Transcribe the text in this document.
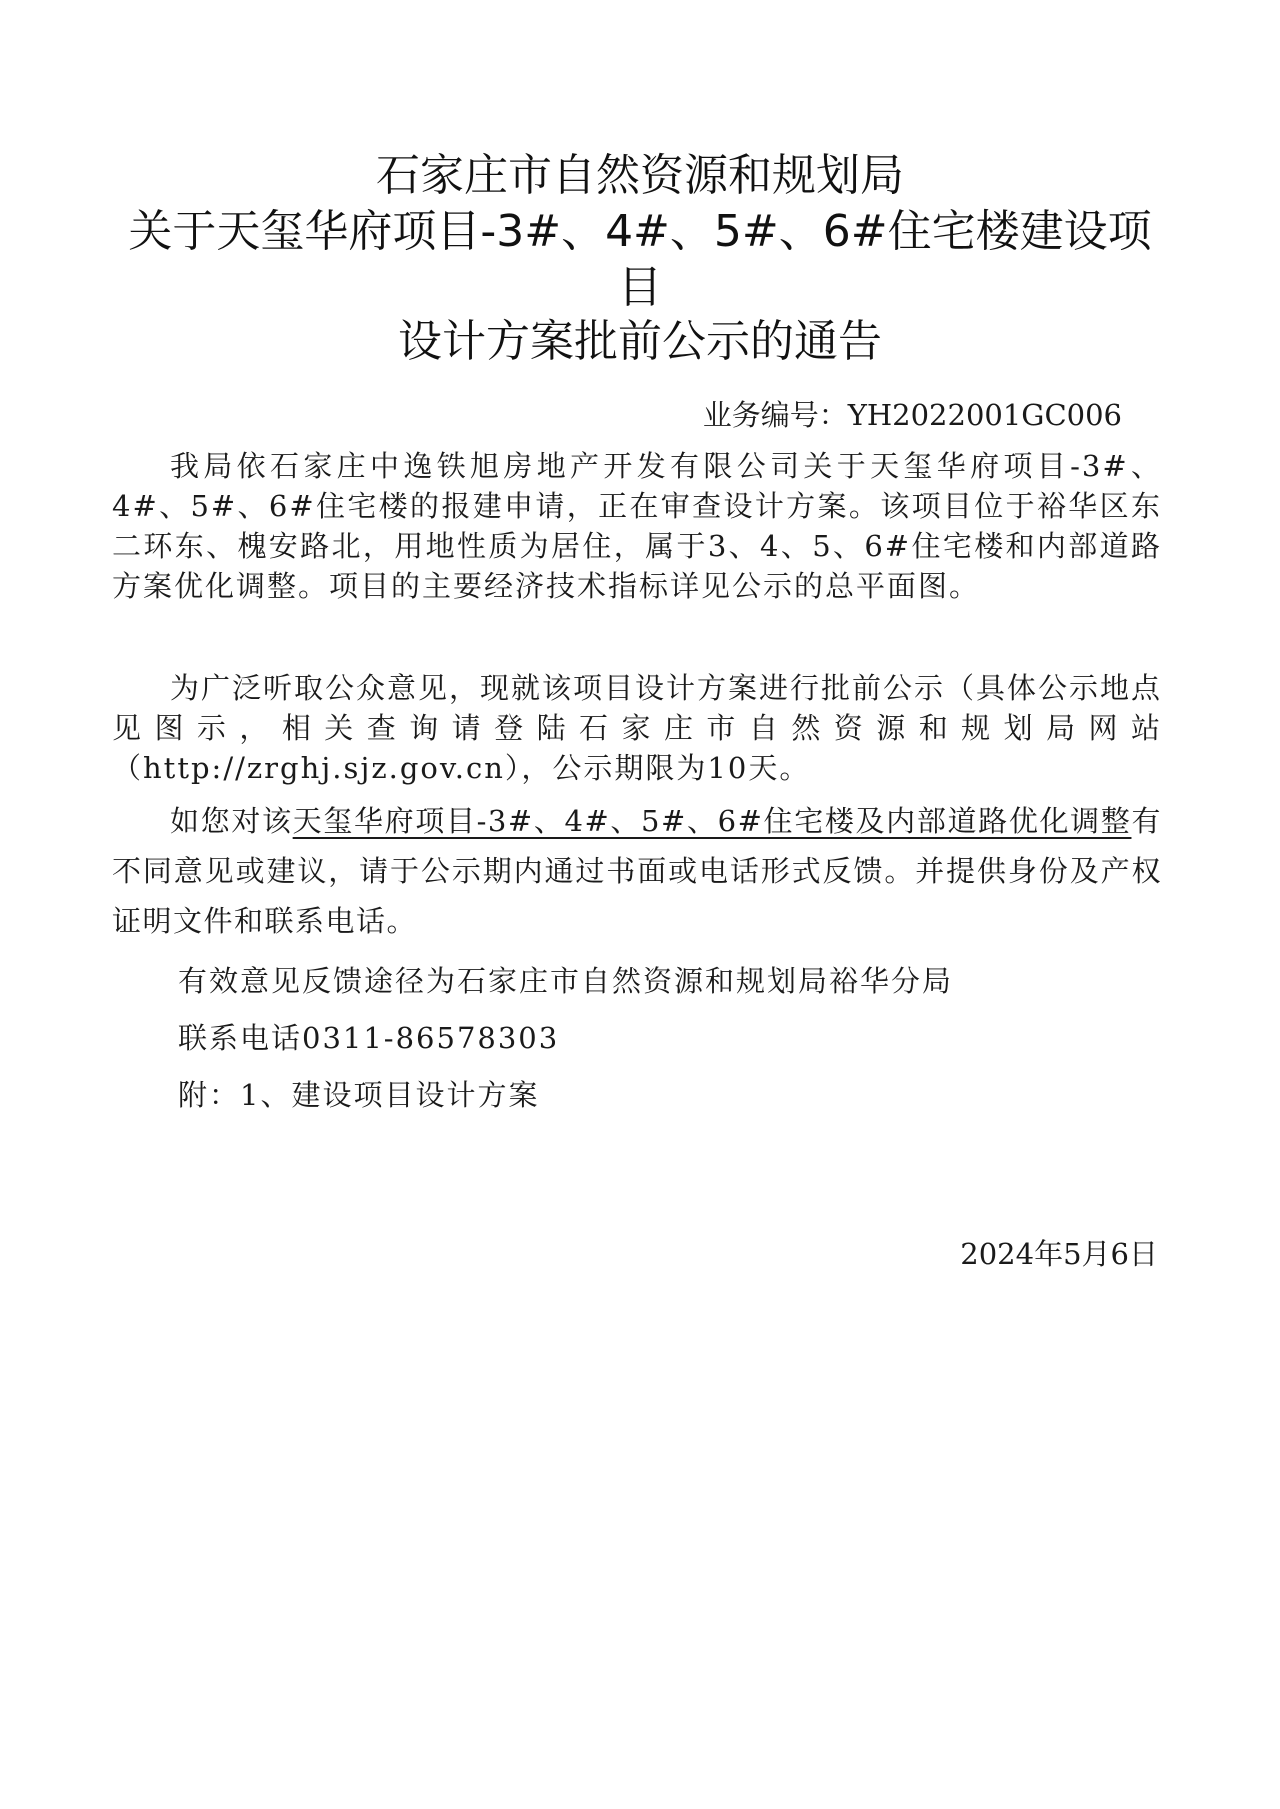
石家庄市自然资源和规划局
关于天玺华府项目-3#、4#、5#、6#住宅楼建设项
目
设计方案批前公示的通告
业务编号：YH2022001GC006
我局依石家庄中逸铁旭房地产开发有限公司关于天玺华府项目-3#、4#、5#、6#住宅楼的报建申请，正在审查设计方案。该项目位于裕华区东二环东、槐安路北，用地性质为居住，属于3、4、5、6#住宅楼和内部道路方案优化调整。项目的主要经济技术指标详见公示的总平面图。
为广泛听取公众意见，现就该项目设计方案进行批前公示（具体公示地点见图示，相关查询请登陆石家庄市自然资源和规划局网站（http://zrghj.sjz.gov.cn），公示期限为10天。
如您对该天玺华府项目-3#、4#、5#、6#住宅楼及内部道路优化调整有不同意见或建议，请于公示期内通过书面或电话形式反馈。并提供身份及产权证明文件和联系电话。
有效意见反馈途径为石家庄市自然资源和规划局裕华分局
联系电话0311-86578303
附：1、建设项目设计方案
2024年5月6日
